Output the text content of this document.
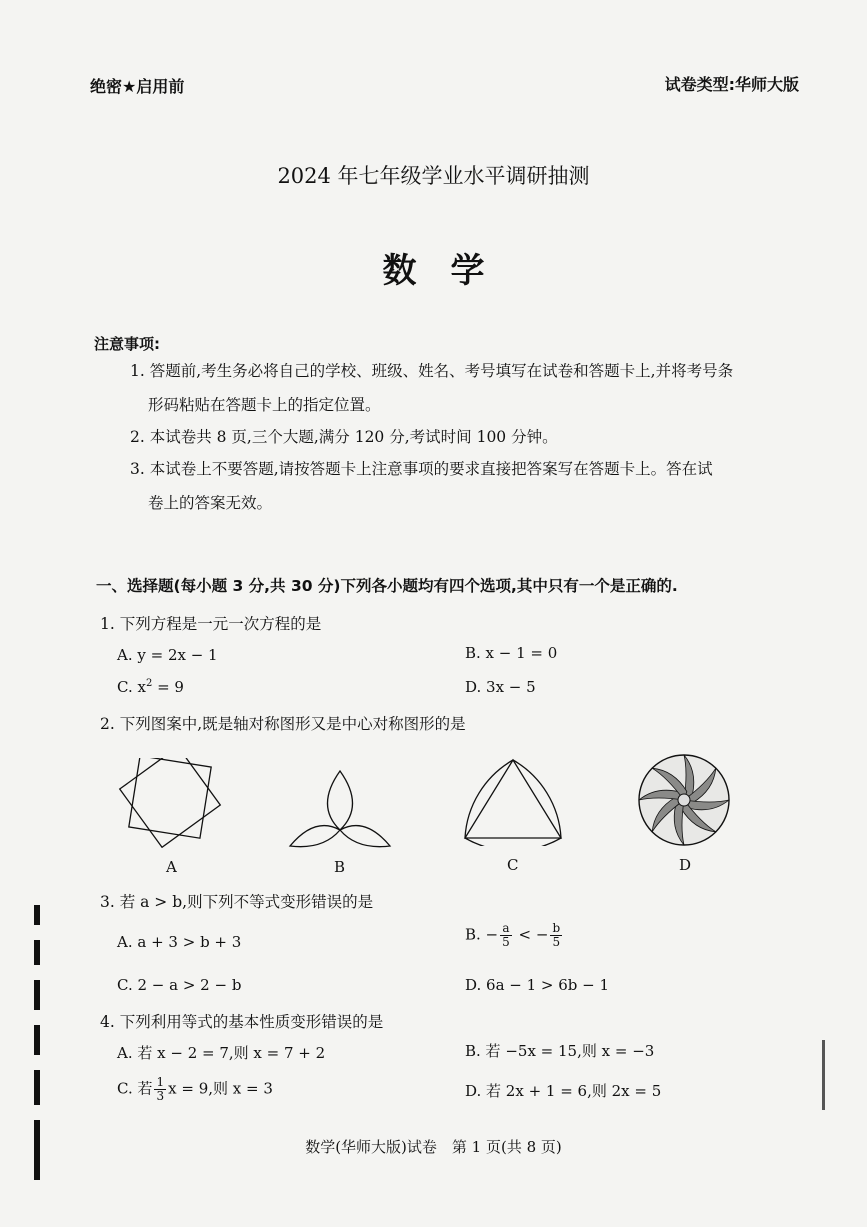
绝密★启用前	试卷类型:华师大版
2024 年七年级学业水平调研抽测
数学
注意事项:
1. 答题前,考生务必将自己的学校、班级、姓名、考号填写在试卷和答题卡上,并将考号条
形码粘贴在答题卡上的指定位置。
2. 本试卷共 8 页,三个大题,满分 120 分,考试时间 100 分钟。
3. 本试卷上不要答题,请按答题卡上注意事项的要求直接把答案写在答题卡上。答在试
卷上的答案无效。
一、选择题(每小题 3 分,共 30 分)下列各小题均有四个选项,其中只有一个是正确的.
1. 下列方程是一元一次方程的是
A. y = 2x − 1	B. x − 1 = 0
C. $x^2 = 9$	D. 3x − 5
2. 下列图案中,既是轴对称图形又是中心对称图形的是
A	B	C	D
3. 若 a > b,则下列不等式变形错误的是
A. a + 3 > b + 3	B. − $\frac{a}{5}$ < − $\frac{b}{5}$
C. 2 − a > 2 − b	D. 6a − 1 > 6b − 1
4. 下列利用等式的基本性质变形错误的是
A. 若 x − 2 = 7,则 x = 7 + 2	B. 若 −5x = 15,则 x = −3
C. 若 $\frac{1}{3}$ x = 9,则 x = 3	D. 若 2x + 1 = 6,则 2x = 5
数学(华师大版)试卷　第 1 页(共 8 页)
